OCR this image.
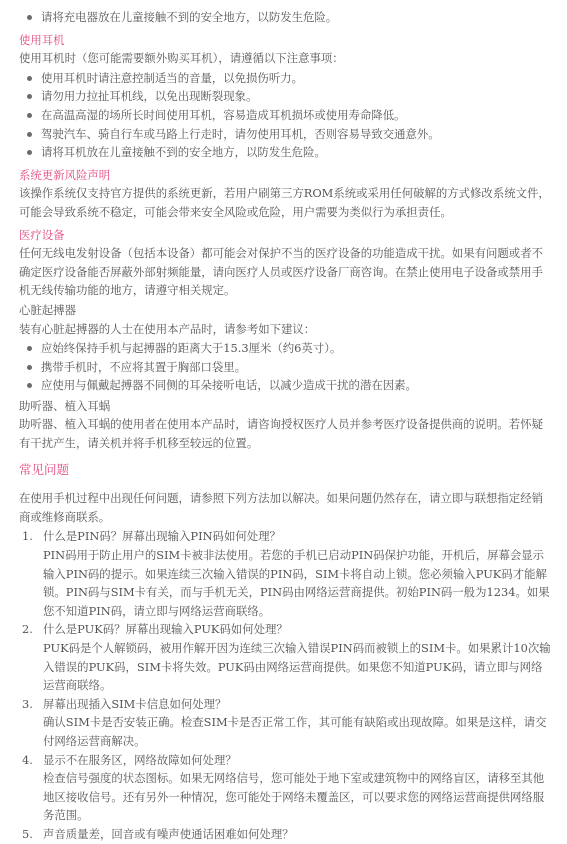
请将充电器放在儿童接触不到的安全地方，以防发生危险。
使用耳机
使用耳机时（您可能需要额外购买耳机），请遵循以下注意事项：
使用耳机时请注意控制适当的音量，以免损伤听力。
请勿用力拉扯耳机线，以免出现断裂现象。
在高温高湿的场所长时间使用耳机，容易造成耳机损坏或使用寿命降低。
驾驶汽车、骑自行车或马路上行走时，请勿使用耳机，否则容易导致交通意外。
请将耳机放在儿童接触不到的安全地方，以防发生危险。
系统更新风险声明
该操作系统仅支持官方提供的系统更新，若用户刷第三方ROM系统或采用任何破解的方式修改系统文件，可能会导致系统不稳定，可能会带来安全风险或危险，用户需要为类似行为承担责任。
医疗设备
任何无线电发射设备（包括本设备）都可能会对保护不当的医疗设备的功能造成干扰。如果有问题或者不确定医疗设备能否屏蔽外部射频能量，请向医疗人员或医疗设备厂商咨询。在禁止使用电子设备或禁用手机无线传输功能的地方，请遵守相关规定。
心脏起搏器
装有心脏起搏器的人士在使用本产品时，请参考如下建议：
应始终保持手机与起搏器的距离大于15.3厘米（约6英寸）。
携带手机时，不应将其置于胸部口袋里。
应使用与佩戴起搏器不同侧的耳朵接听电话，以减少造成干扰的潜在因素。
助听器、植入耳蜗
助听器、植入耳蜗的使用者在使用本产品时，请咨询授权医疗人员并参考医疗设备提供商的说明。若怀疑有干扰产生，请关机并将手机移至较远的位置。
常见问题
在使用手机过程中出现任何问题，请参照下列方法加以解决。如果问题仍然存在，请立即与联想指定经销商或维修商联系。
1. 什么是PIN码？屏幕出现输入PIN码如何处理？
PIN码用于防止用户的SIM卡被非法使用。若您的手机已启动PIN码保护功能，开机后，屏幕会显示输入PIN码的提示。如果连续三次输入错误的PIN码，SIM卡将自动上锁。您必须输入PUK码才能解锁。PIN码与SIM卡有关，而与手机无关，PIN码由网络运营商提供。初始PIN码一般为1234。如果您不知道PIN码，请立即与网络运营商联络。
2. 什么是PUK码？屏幕出现输入PUK码如何处理？
PUK码是个人解锁码，被用作解开因为连续三次输入错误PIN码而被锁上的SIM卡。如果累计10次输入错误的PUK码，SIM卡将失效。PUK码由网络运营商提供。如果您不知道PUK码，请立即与网络运营商联络。
3. 屏幕出现插入SIM卡信息如何处理？
确认SIM卡是否安装正确。检查SIM卡是否正常工作，其可能有缺陷或出现故障。如果是这样，请交付网络运营商解决。
4. 显示不在服务区，网络故障如何处理？
检查信号强度的状态图标。如果无网络信号，您可能处于地下室或建筑物中的网络盲区，请移至其他地区接收信号。还有另外一种情况，您可能处于网络未覆盖区，可以要求您的网络运营商提供网络服务范围。
5. 声音质量差，回音或有噪声使通话困难如何处理？
